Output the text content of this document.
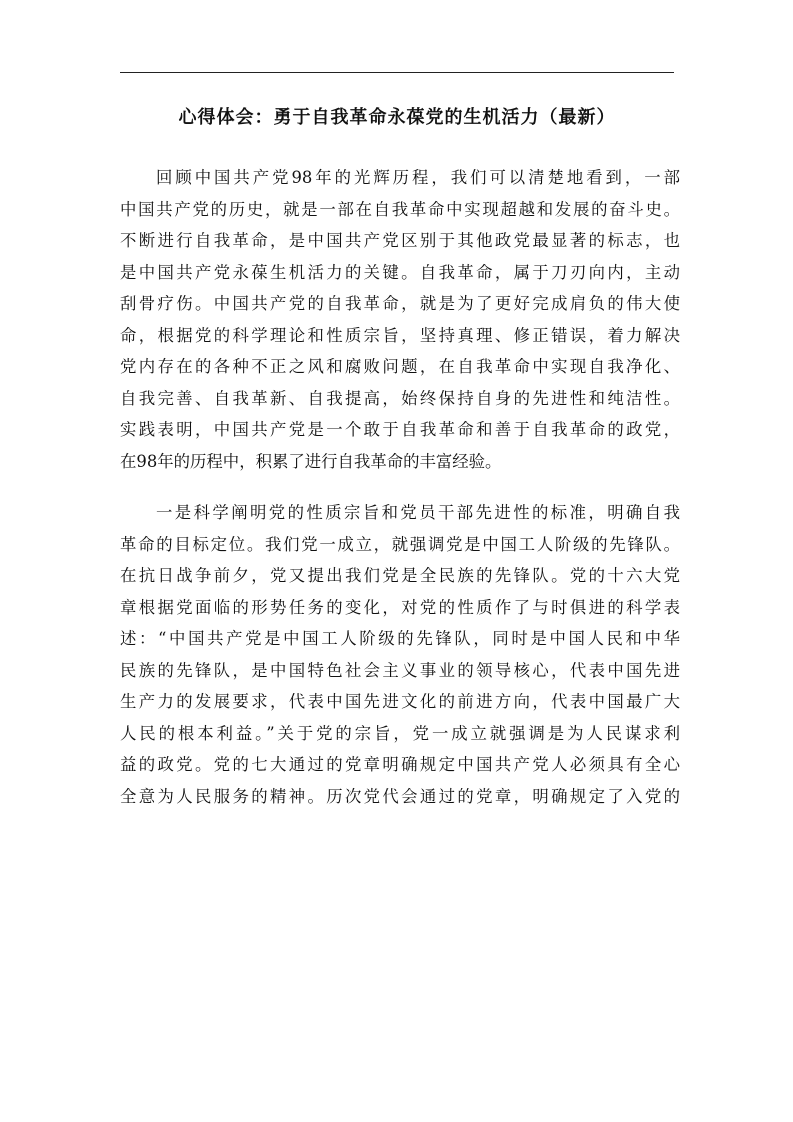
心得体会：勇于自我革命永葆党的生机活力（最新）

回顾中国共产党98年的光辉历程，我们可以清楚地看到，一部
中国共产党的历史，就是一部在自我革命中实现超越和发展的奋斗史。
不断进行自我革命，是中国共产党区别于其他政党最显著的标志，也
是中国共产党永葆生机活力的关键。自我革命，属于刀刃向内，主动
刮骨疗伤。中国共产党的自我革命，就是为了更好完成肩负的伟大使
命，根据党的科学理论和性质宗旨，坚持真理、修正错误，着力解决
党内存在的各种不正之风和腐败问题，在自我革命中实现自我净化、
自我完善、自我革新、自我提高，始终保持自身的先进性和纯洁性。
实践表明，中国共产党是一个敢于自我革命和善于自我革命的政党，
在98年的历程中，积累了进行自我革命的丰富经验。

一是科学阐明党的性质宗旨和党员干部先进性的标准，明确自我
革命的目标定位。我们党一成立，就强调党是中国工人阶级的先锋队。
在抗日战争前夕，党又提出我们党是全民族的先锋队。党的十六大党
章根据党面临的形势任务的变化，对党的性质作了与时俱进的科学表
述：“中国共产党是中国工人阶级的先锋队，同时是中国人民和中华
民族的先锋队，是中国特色社会主义事业的领导核心，代表中国先进
生产力的发展要求，代表中国先进文化的前进方向，代表中国最广大
人民的根本利益。”关于党的宗旨，党一成立就强调是为人民谋求利
益的政党。党的七大通过的党章明确规定中国共产党人必须具有全心
全意为人民服务的精神。历次党代会通过的党章，明确规定了入党的
